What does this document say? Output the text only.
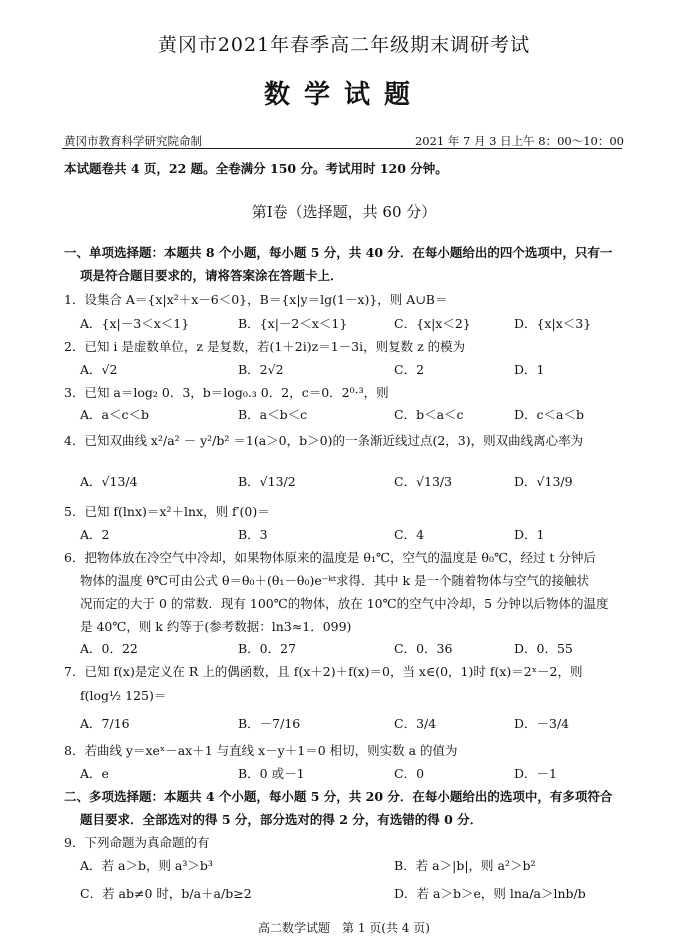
黄冈市2021年春季高二年级期末调研考试
数学试题
黄冈市教育科学研究院命制	2021 年 7 月 3 日上午 8：00～10：00
本试题卷共 4 页，22 题。全卷满分 150 分。考试用时 120 分钟。
第Ⅰ卷（选择题，共 60 分）
一、单项选择题：本题共 8 个小题，每小题 5 分，共 40 分．在每小题给出的四个选项中，只有一
项是符合题目要求的，请将答案涂在答题卡上．
1．设集合 A＝{x|x²＋x－6＜0}，B＝{x|y＝lg(1－x)}，则 A∪B＝
A．{x|－3＜x＜1}	B．{x|－2＜x＜1}	C．{x|x＜2}	D．{x|x＜3}
2．已知 i 是虚数单位，z 是复数，若(1＋2i)z＝1－3i，则复数 z 的模为
A．√2	B．2√2	C．2	D．1
3．已知 a＝log₂ 0．3，b＝log₀.₃ 0．2，c＝0．2⁰·³，则
A．a＜c＜b	B．a＜b＜c	C．b＜a＜c	D．c＜a＜b
4．已知双曲线 x²/a² － y²/b² ＝1(a＞0，b＞0)的一条渐近线过点(2，3)，则双曲线离心率为
A．√13/4	B．√13/2	C．√13/3	D．√13/9
5．已知 f(lnx)＝x²＋lnx，则 f′(0)＝
A．2	B．3	C．4	D．1
6．把物体放在冷空气中冷却，如果物体原来的温度是 θ₁℃，空气的温度是 θ₀℃，经过 t 分钟后
物体的温度 θ℃可由公式 θ＝θ₀＋(θ₁－θ₀)e⁻ᵏᵗ求得．其中 k 是一个随着物体与空气的接触状
况而定的大于 0 的常数．现有 100℃的物体，放在 10℃的空气中冷却，5 分钟以后物体的温度
是 40℃，则 k 约等于(参考数据：ln3≈1．099)
A．0．22	B．0．27	C．0．36	D．0．55
7．已知 f(x)是定义在 R 上的偶函数，且 f(x＋2)＋f(x)＝0，当 x∈(0，1)时 f(x)＝2ˣ－2，则
f(log½ 125)＝
A．7/16	B．－7/16	C．3/4	D．－3/4
8．若曲线 y＝xeˣ－ax＋1 与直线 x－y＋1＝0 相切，则实数 a 的值为
A．e	B．0 或－1	C．0	D．－1
二、多项选择题：本题共 4 个小题，每小题 5 分，共 20 分．在每小题给出的选项中，有多项符合
题目要求．全部选对的得 5 分，部分选对的得 2 分，有选错的得 0 分．
9．下列命题为真命题的有
A．若 a＞b，则 a³＞b³	B．若 a＞|b|，则 a²＞b²
C．若 ab≠0 时，b/a＋a/b≥2	D．若 a＞b＞e，则 lna/a＞lnb/b
高二数学试题　第 1 页(共 4 页)
